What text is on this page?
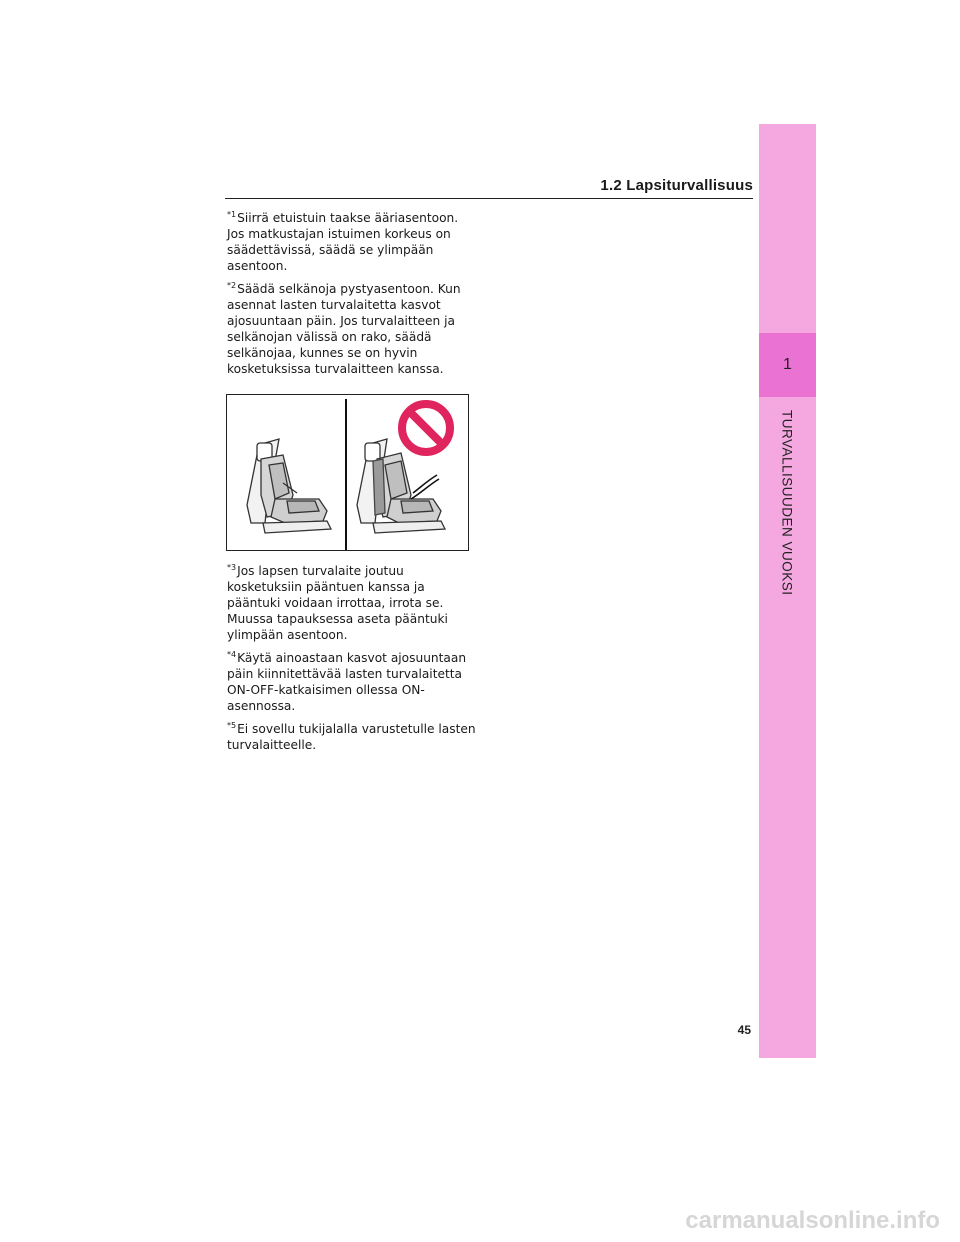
1.2 Lapsiturvallisuus

$^{*1}$Siirrä etuistuin taakse ääriasentoon. Jos matkustajan istuimen korkeus on säädettävissä, säädä se ylimpään asentoon.

$^{*2}$Säädä selkänoja pystyasentoon. Kun asennat lasten turvalaitetta kasvot ajosuuntaan päin. Jos turvalaitteen ja selkänojan välissä on rako, säädä selkänojaa, kunnes se on hyvin kosketuksissa turvalaitteen kanssa.

$^{*3}$Jos lapsen turvalaite joutuu kosketuksiin pääntuen kanssa ja pääntuki voidaan irrottaa, irrota se. Muussa tapauksessa aseta pääntuki ylimpään asentoon.

$^{*4}$Käytä ainoastaan kasvot ajosuuntaan päin kiinnitettävää lasten turvalaitetta ON-OFF-katkaisimen ollessa ON-asennossa.

$^{*5}$Ei sovellu tukijalalla varustetulle lasten turvalaitteelle.

1
TURVALLISUUDEN VUOKSI
45
carmanualsonline.info
